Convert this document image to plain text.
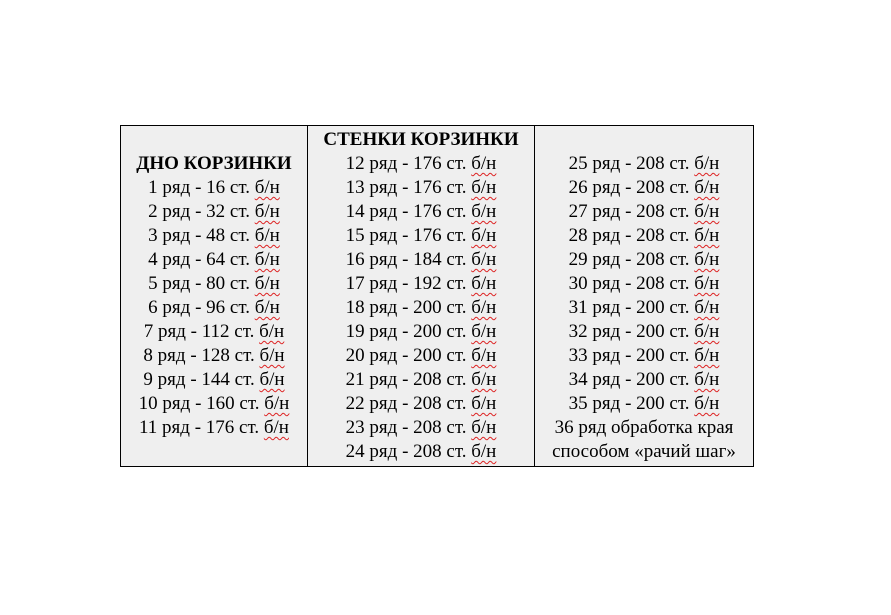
ДНО КОРЗИНКИ
1 ряд - 16 ст. б/н
2 ряд - 32 ст. б/н
3 ряд - 48 ст. б/н
4 ряд - 64 ст. б/н
5 ряд - 80 ст. б/н
6 ряд - 96 ст. б/н
7 ряд - 112 ст. б/н
8 ряд - 128 ст. б/н
9 ряд - 144 ст. б/н
10 ряд - 160 ст. б/н
11 ряд - 176 ст. б/н

СТЕНКИ КОРЗИНКИ
12 ряд - 176 ст. б/н
13 ряд - 176 ст. б/н
14 ряд - 176 ст. б/н
15 ряд - 176 ст. б/н
16 ряд - 184 ст. б/н
17 ряд - 192 ст. б/н
18 ряд - 200 ст. б/н
19 ряд - 200 ст. б/н
20 ряд - 200 ст. б/н
21 ряд - 208 ст. б/н
22 ряд - 208 ст. б/н
23 ряд - 208 ст. б/н
24 ряд - 208 ст. б/н

25 ряд - 208 ст. б/н
26 ряд - 208 ст. б/н
27 ряд - 208 ст. б/н
28 ряд - 208 ст. б/н
29 ряд - 208 ст. б/н
30 ряд - 208 ст. б/н
31 ряд - 200 ст. б/н
32 ряд - 200 ст. б/н
33 ряд - 200 ст. б/н
34 ряд - 200 ст. б/н
35 ряд - 200 ст. б/н
36 ряд обработка края
способом «рачий шаг»
